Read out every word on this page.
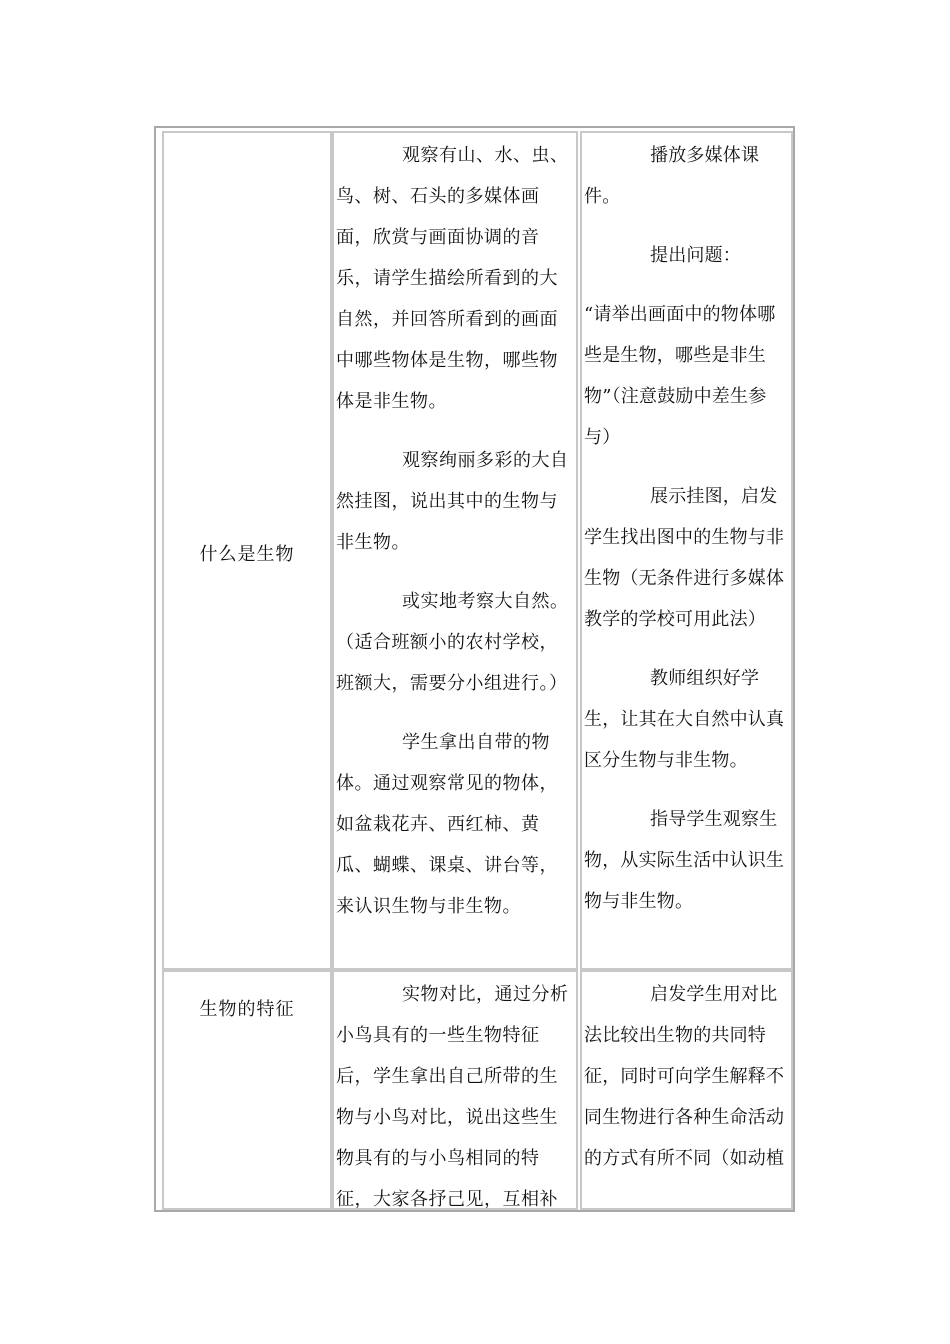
什么是生物

观察有山、水、虫、鸟、树、石头的多媒体画面，欣赏与画面协调的音乐，请学生描绘所看到的大自然，并回答所看到的画面中哪些物体是生物，哪些物体是非生物。

观察绚丽多彩的大自然挂图，说出其中的生物与非生物。

或实地考察大自然。（适合班额小的农村学校，班额大，需要分小组进行。）

学生拿出自带的物体。通过观察常见的物体，如盆栽花卉、西红柿、黄瓜、蝴蝶、课桌、讲台等，来认识生物与非生物。

播放多媒体课件。

提出问题：

“请举出画面中的物体哪些是生物，哪些是非生物”（注意鼓励中差生参与）

展示挂图，启发学生找出图中的生物与非生物（无条件进行多媒体教学的学校可用此法）

教师组织好学生，让其在大自然中认真区分生物与非生物。

指导学生观察生物，从实际生活中认识生物与非生物。

生物的特征

实物对比，通过分析小鸟具有的一些生物特征后，学生拿出自己所带的生物与小鸟对比，说出这些生物具有的与小鸟相同的特征，大家各抒己见，互相补

启发学生用对比法比较出生物的共同特征，同时可向学生解释不同生物进行各种生命活动的方式有所不同（如动植
